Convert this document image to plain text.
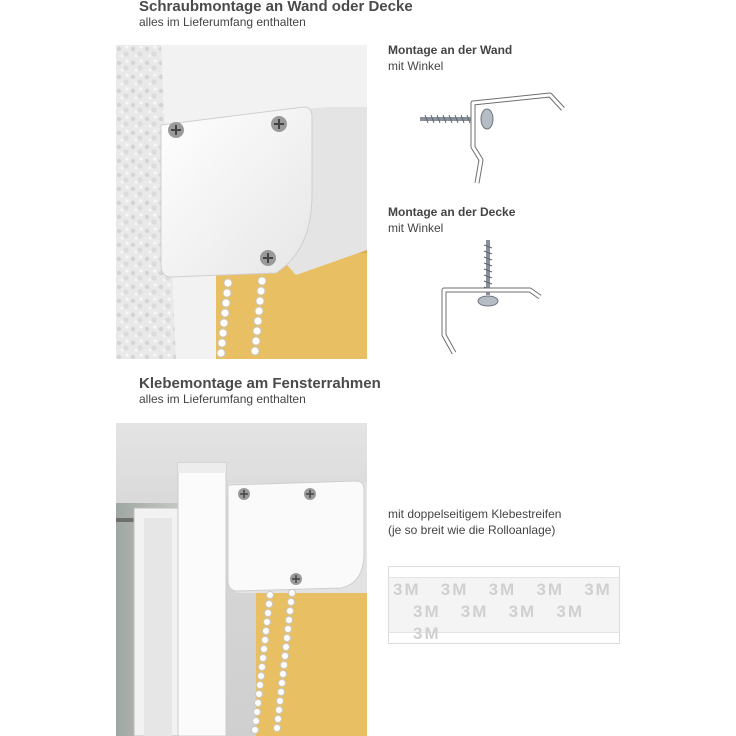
Schraubmontage an Wand oder Decke
alles im Lieferumfang enthalten
Montage an der Wand
mit Winkel
Montage an der Decke
mit Winkel
Klebemontage am Fensterrahmen
alles im Lieferumfang enthalten
mit doppelseitigem Klebestreifen
(je so breit wie die Rolloanlage)
3M 3M 3M 3M 3M
3M 3M 3M 3M   3M
